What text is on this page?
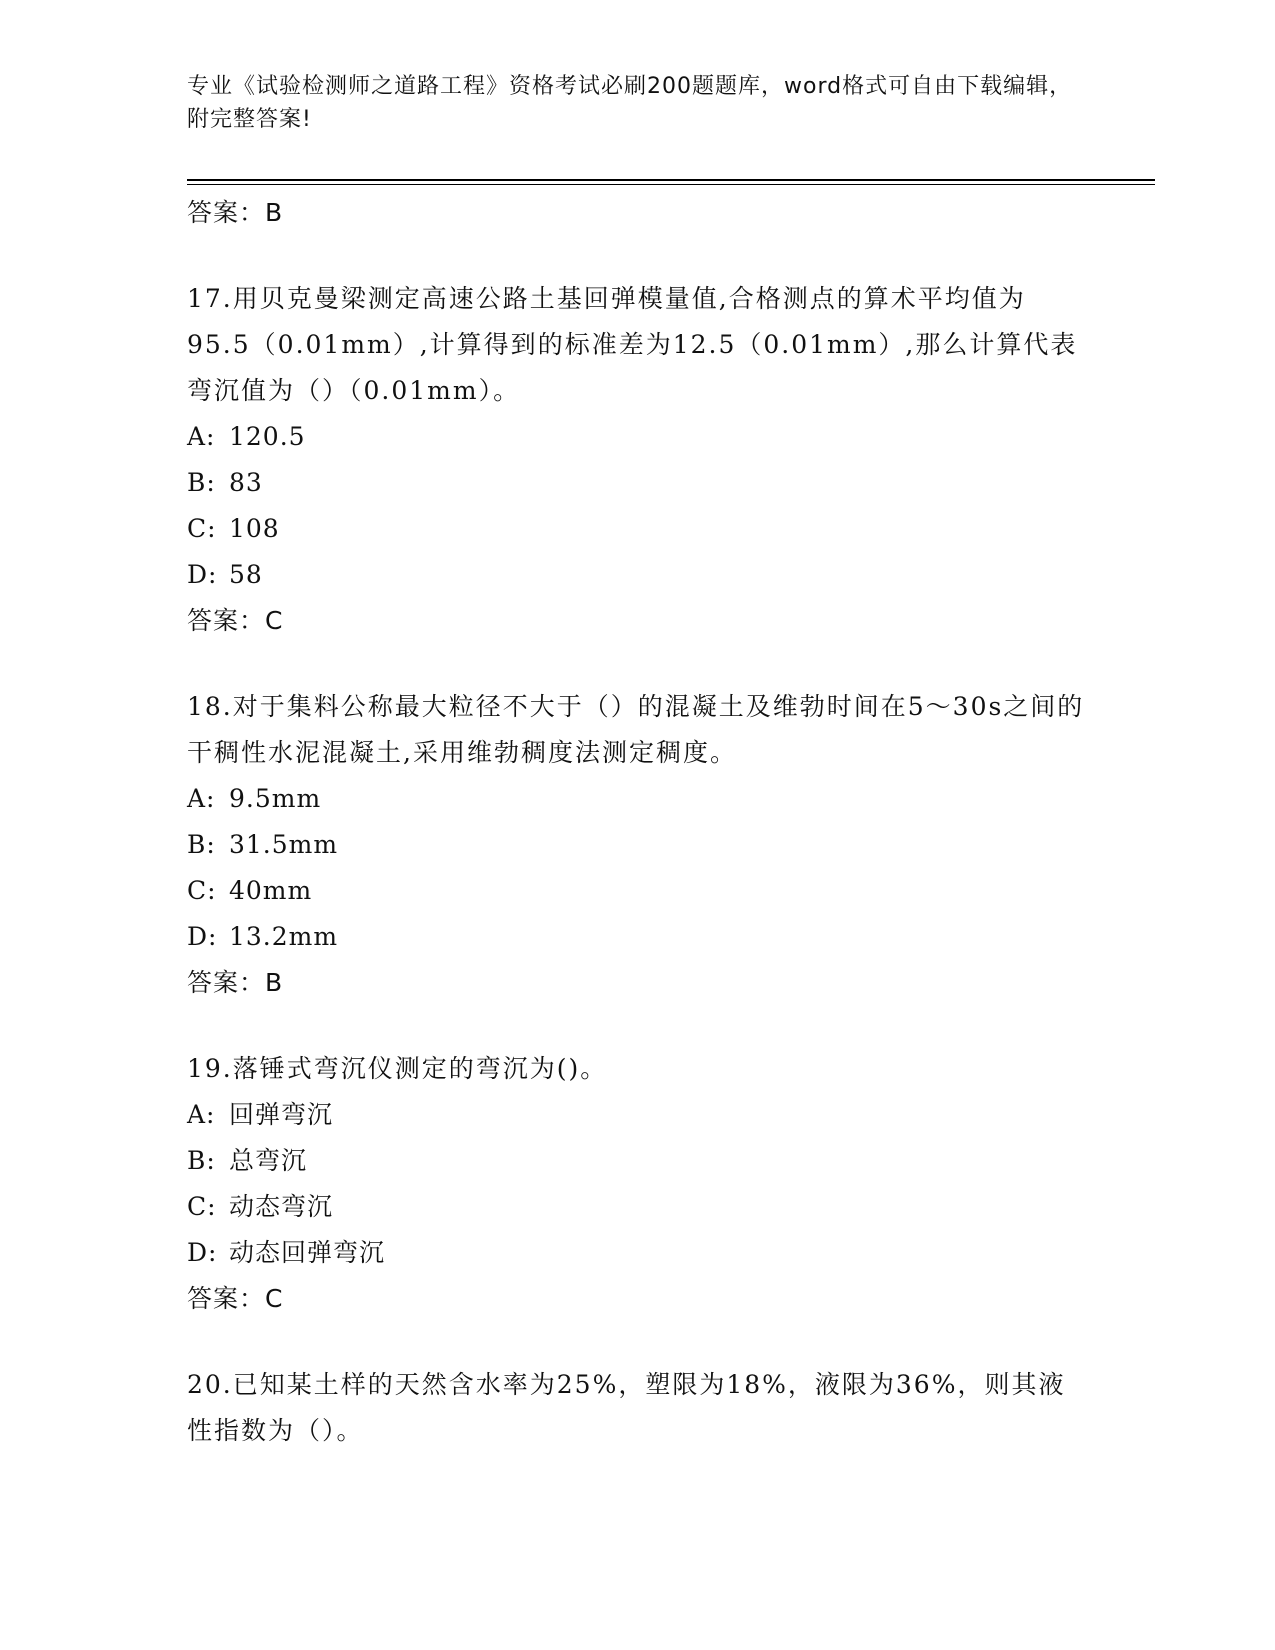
专业《试验检测师之道路工程》资格考试必刷200题题库，word格式可自由下载编辑，附完整答案!
答案：B
17.用贝克曼梁测定高速公路土基回弹模量值,合格测点的算术平均值为95.5（0.01mm）,计算得到的标准差为12.5（0.01mm）,那么计算代表弯沉值为（）（0.01mm）。
A: 120.5
B: 83
C: 108
D: 58
答案：C
18.对于集料公称最大粒径不大于（）的混凝土及维勃时间在5～30s之间的干稠性水泥混凝土,采用维勃稠度法测定稠度。
A: 9.5mm
B: 31.5mm
C: 40mm
D: 13.2mm
答案：B
19.落锤式弯沉仪测定的弯沉为()。
A: 回弹弯沉
B: 总弯沉
C: 动态弯沉
D: 动态回弹弯沉
答案：C
20.已知某土样的天然含水率为25%，塑限为18%，液限为36%，则其液性指数为（）。
